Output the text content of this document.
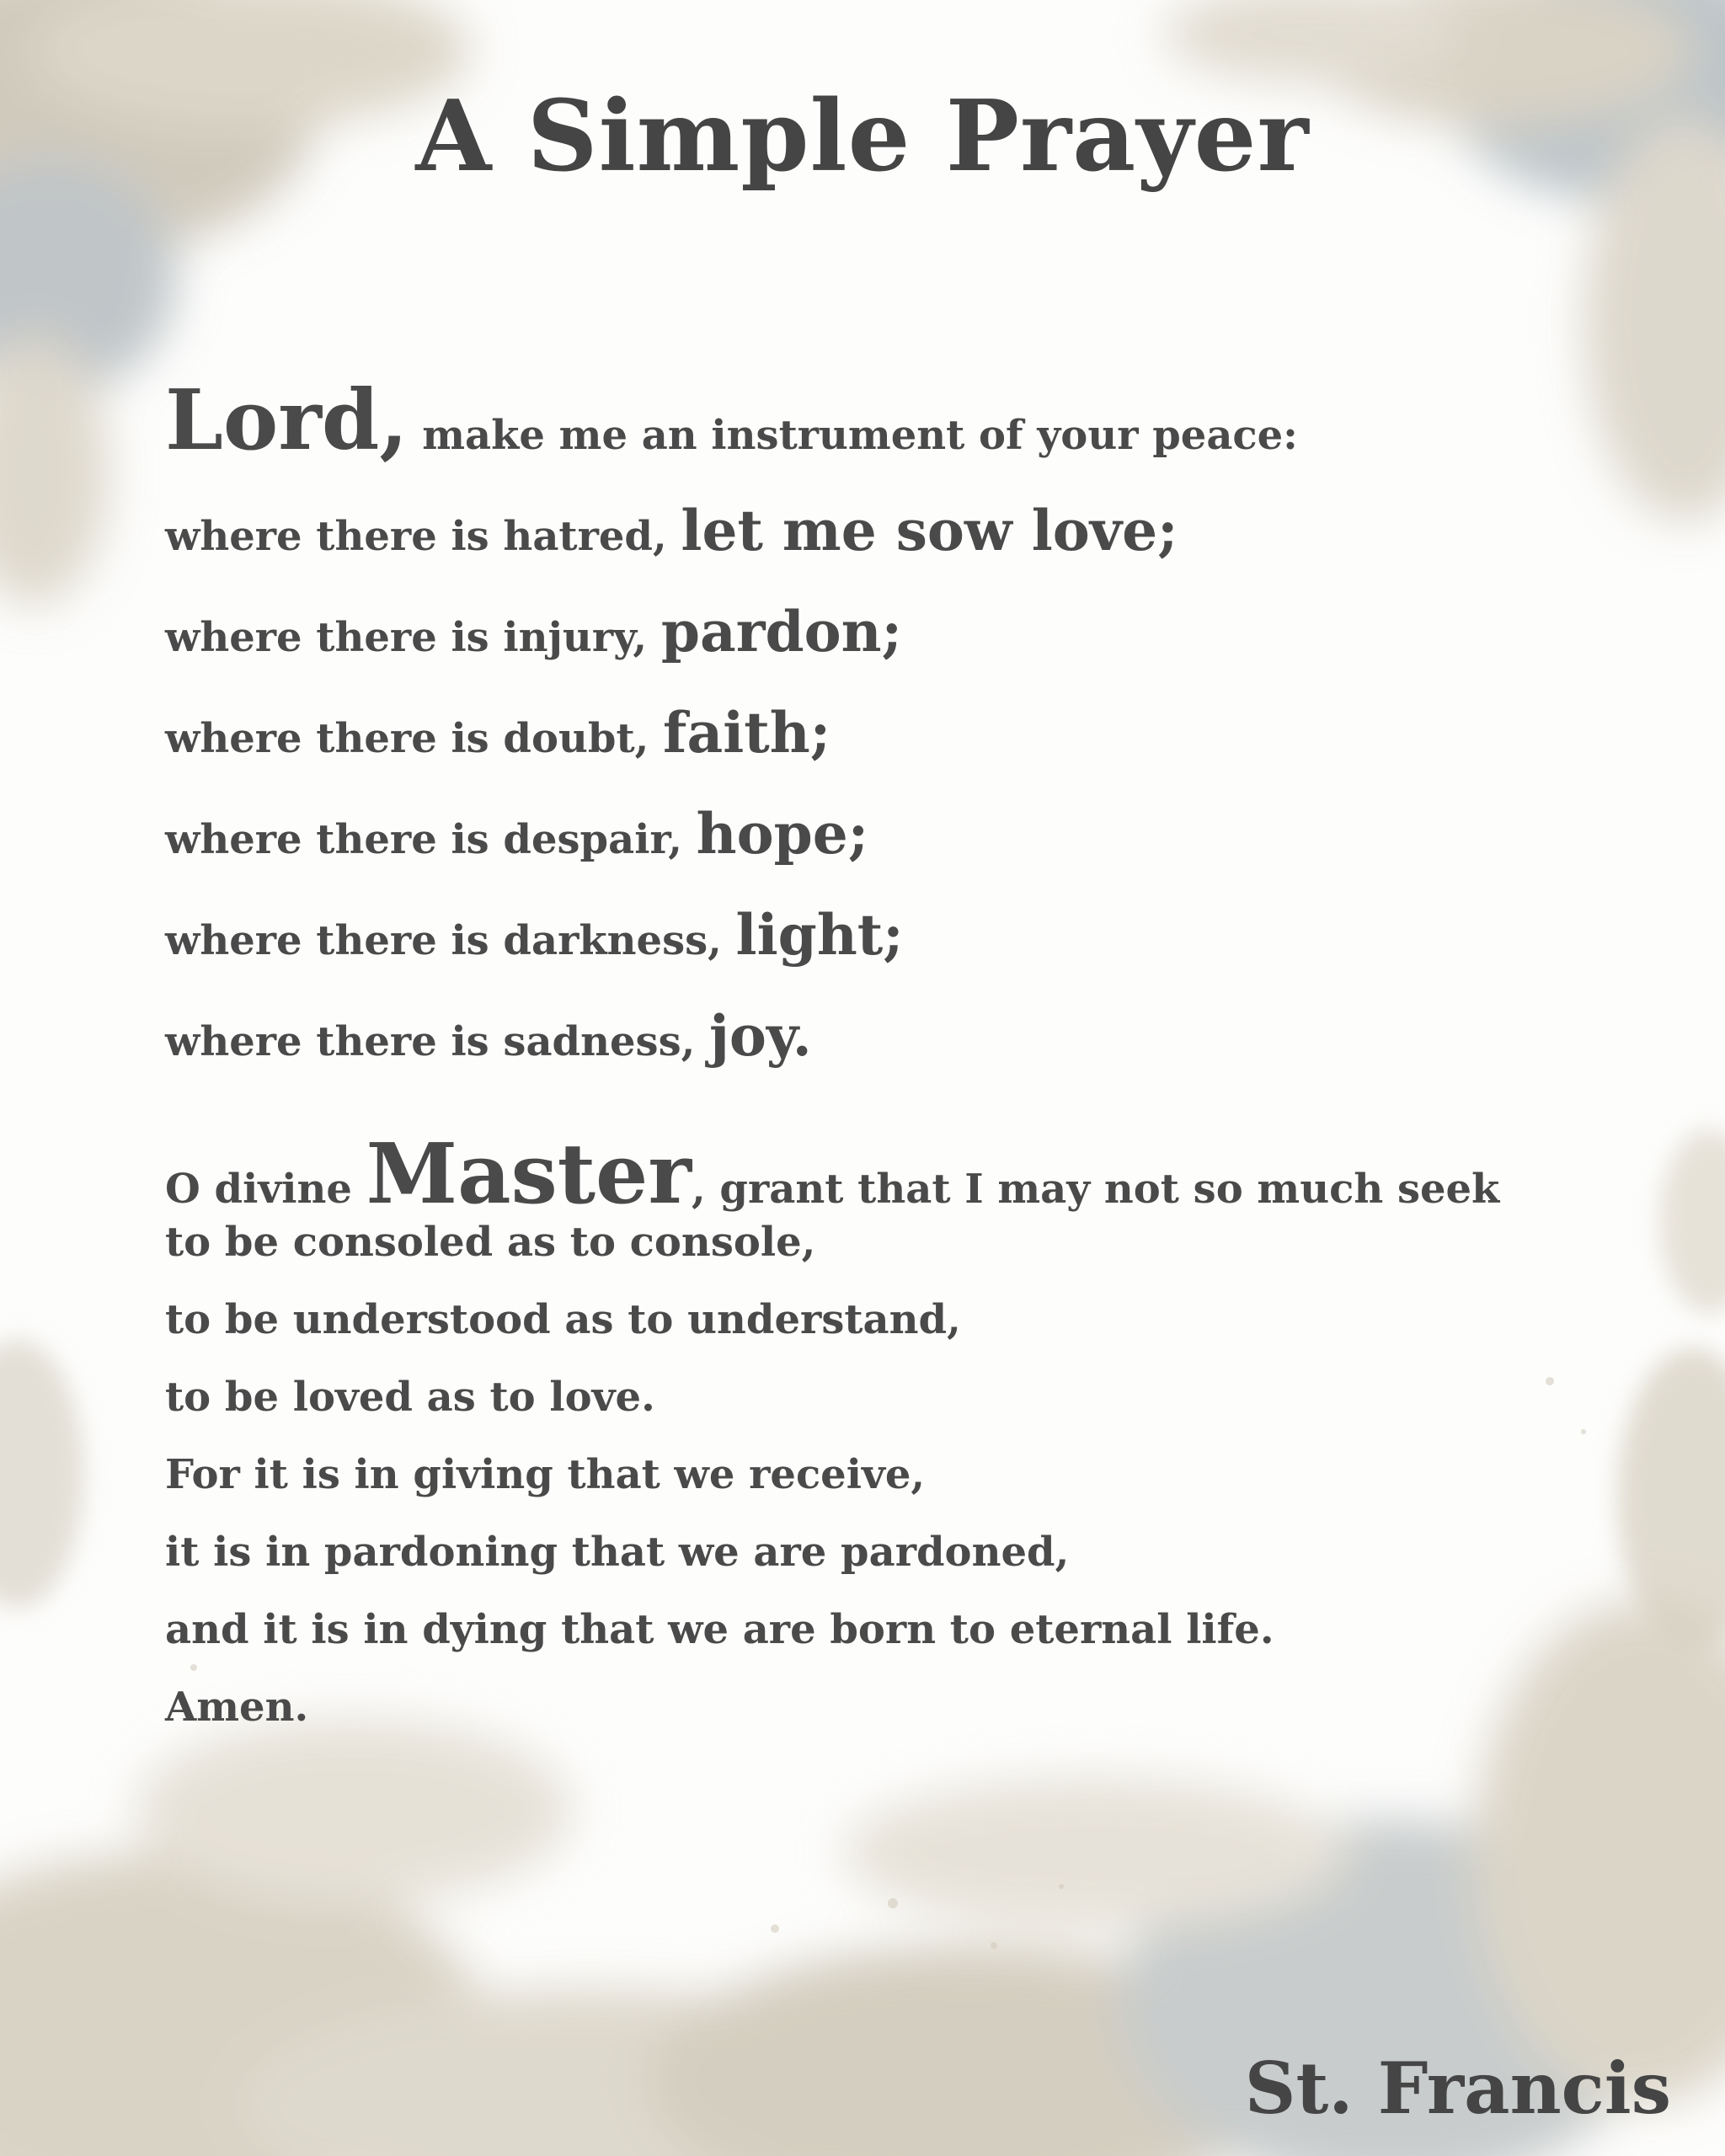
A Simple Prayer
Lord, make me an instrument of your peace:
where there is hatred, let me sow love;
where there is injury, pardon;
where there is doubt, faith;
where there is despair, hope;
where there is darkness, light;
where there is sadness, joy.
O divine Master, grant that I may not so much seek
to be consoled as to console,
to be understood as to understand,
to be loved as to love.
For it is in giving that we receive,
it is in pardoning that we are pardoned,
and it is in dying that we are born to eternal life.
Amen.

St. Francis
